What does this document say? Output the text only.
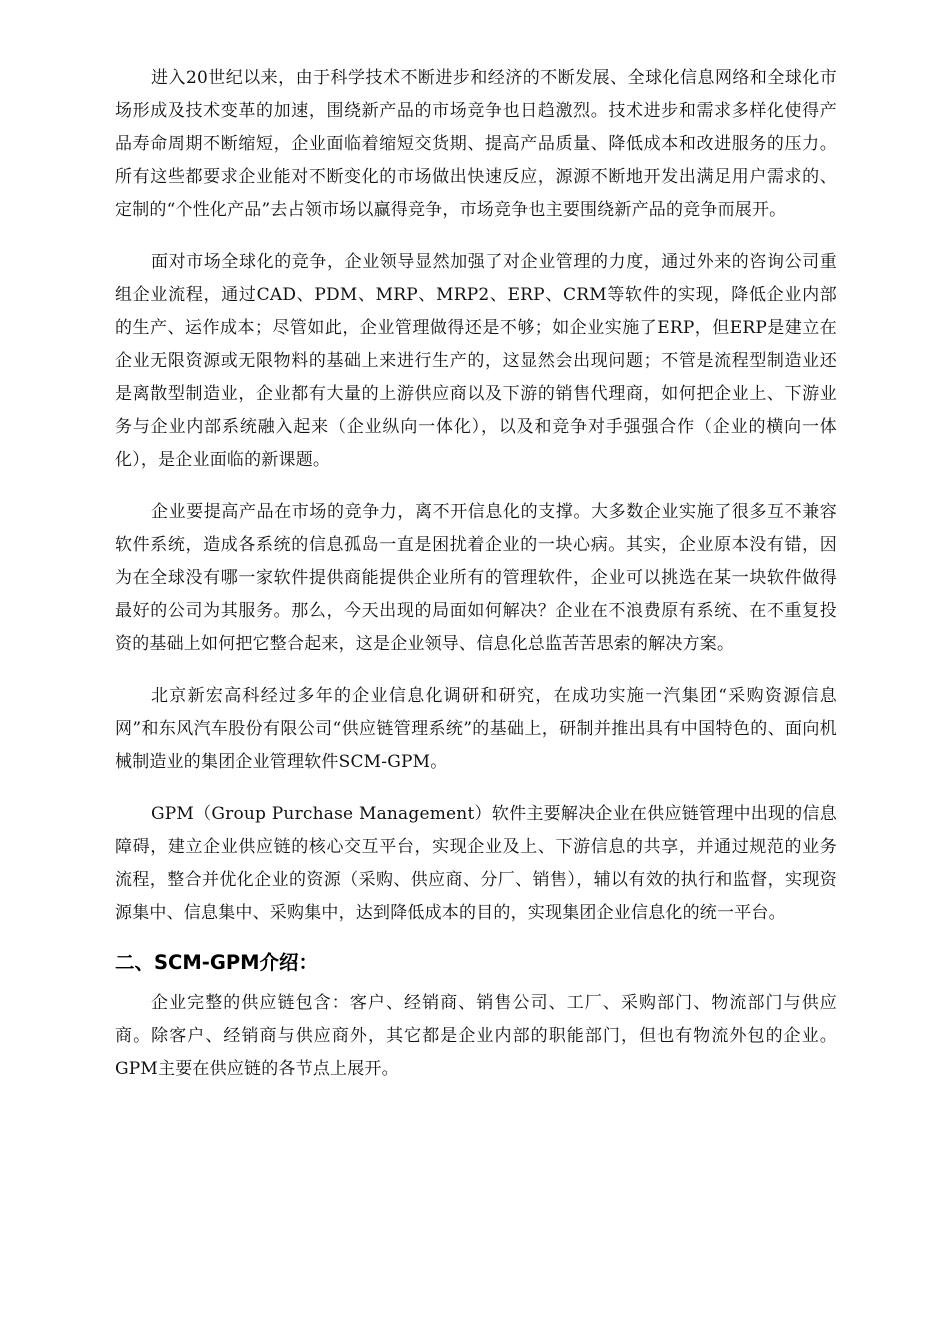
进入20世纪以来，由于科学技术不断进步和经济的不断发展、全球化信息网络和全球化市场形成及技术变革的加速，围绕新产品的市场竞争也日趋激烈。技术进步和需求多样化使得产品寿命周期不断缩短，企业面临着缩短交货期、提高产品质量、降低成本和改进服务的压力。所有这些都要求企业能对不断变化的市场做出快速反应，源源不断地开发出满足用户需求的、定制的“个性化产品”去占领市场以赢得竞争，市场竞争也主要围绕新产品的竞争而展开。

面对市场全球化的竞争，企业领导显然加强了对企业管理的力度，通过外来的咨询公司重组企业流程，通过CAD、PDM、MRP、MRP2、ERP、CRM等软件的实现，降低企业内部的生产、运作成本；尽管如此，企业管理做得还是不够；如企业实施了ERP，但ERP是建立在企业无限资源或无限物料的基础上来进行生产的，这显然会出现问题；不管是流程型制造业还是离散型制造业，企业都有大量的上游供应商以及下游的销售代理商，如何把企业上、下游业务与企业内部系统融入起来（企业纵向一体化），以及和竞争对手强强合作（企业的横向一体化），是企业面临的新课题。

企业要提高产品在市场的竞争力，离不开信息化的支撑。大多数企业实施了很多互不兼容软件系统，造成各系统的信息孤岛一直是困扰着企业的一块心病。其实，企业原本没有错，因为在全球没有哪一家软件提供商能提供企业所有的管理软件，企业可以挑选在某一块软件做得最好的公司为其服务。那么，今天出现的局面如何解决？企业在不浪费原有系统、在不重复投资的基础上如何把它整合起来，这是企业领导、信息化总监苦苦思索的解决方案。

北京新宏高科经过多年的企业信息化调研和研究，在成功实施一汽集团“采购资源信息网”和东风汽车股份有限公司“供应链管理系统”的基础上，研制并推出具有中国特色的、面向机械制造业的集团企业管理软件SCM-GPM。

GPM（Group Purchase Management）软件主要解决企业在供应链管理中出现的信息障碍，建立企业供应链的核心交互平台，实现企业及上、下游信息的共享，并通过规范的业务流程，整合并优化企业的资源（采购、供应商、分厂、销售），辅以有效的执行和监督，实现资源集中、信息集中、采购集中，达到降低成本的目的，实现集团企业信息化的统一平台。

二、SCM-GPM介绍：

企业完整的供应链包含：客户、经销商、销售公司、工厂、采购部门、物流部门与供应商。除客户、经销商与供应商外，其它都是企业内部的职能部门，但也有物流外包的企业。GPM主要在供应链的各节点上展开。
